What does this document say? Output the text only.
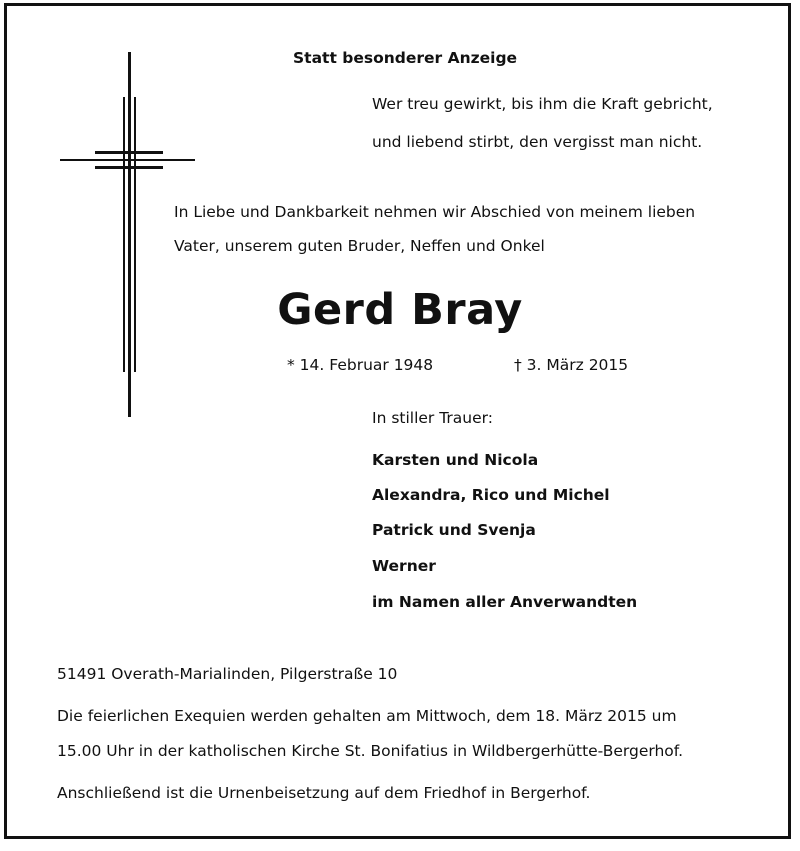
Statt besonderer Anzeige
Wer treu gewirkt, bis ihm die Kraft gebricht,
und liebend stirbt, den vergisst man nicht.
In Liebe und Dankbarkeit nehmen wir Abschied von meinem lieben
Vater, unserem guten Bruder, Neffen und Onkel
Gerd Bray
* 14. Februar 1948	† 3. März 2015
In stiller Trauer:
Karsten und Nicola
Alexandra, Rico und Michel
Patrick und Svenja
Werner
im Namen aller Anverwandten
51491 Overath-Marialinden, Pilgerstraße 10
Die feierlichen Exequien werden gehalten am Mittwoch, dem 18. März 2015 um
15.00 Uhr in der katholischen Kirche St. Bonifatius in Wildbergerhütte-Bergerhof.
Anschließend ist die Urnenbeisetzung auf dem Friedhof in Bergerhof.
